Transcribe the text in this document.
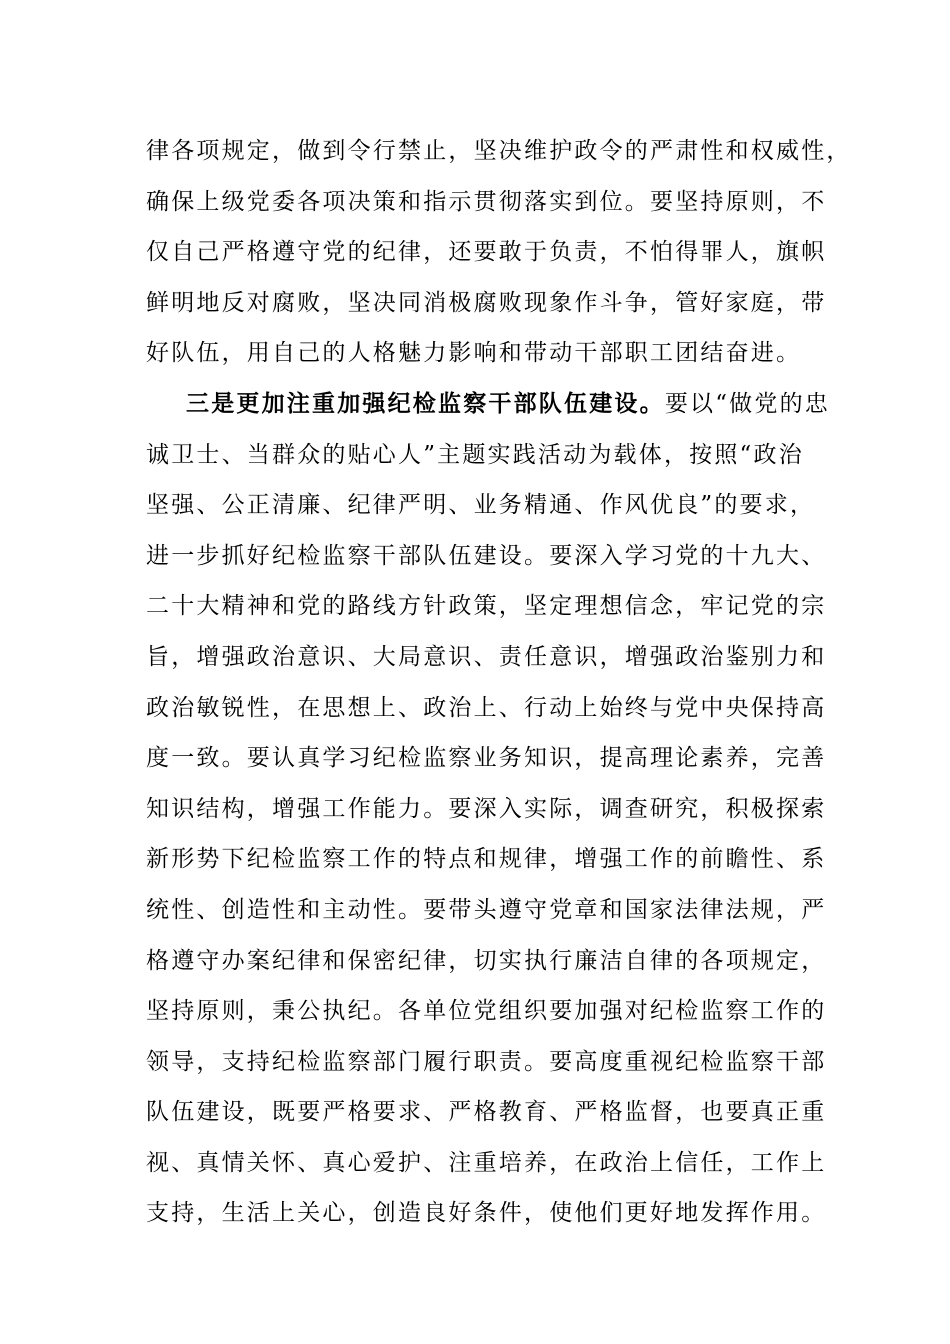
律各项规定，做到令行禁止，坚决维护政令的严肃性和权威性，
确保上级党委各项决策和指示贯彻落实到位。要坚持原则，不
仅自己严格遵守党的纪律，还要敢于负责，不怕得罪人，旗帜
鲜明地反对腐败，坚决同消极腐败现象作斗争，管好家庭，带
好队伍，用自己的人格魅力影响和带动干部职工团结奋进。
三是更加注重加强纪检监察干部队伍建设。要以“做党的忠
诚卫士、当群众的贴心人”主题实践活动为载体，按照“政治
坚强、公正清廉、纪律严明、业务精通、作风优良”的要求，
进一步抓好纪检监察干部队伍建设。要深入学习党的十九大、
二十大精神和党的路线方针政策，坚定理想信念，牢记党的宗
旨，增强政治意识、大局意识、责任意识，增强政治鉴别力和
政治敏锐性，在思想上、政治上、行动上始终与党中央保持高
度一致。要认真学习纪检监察业务知识，提高理论素养，完善
知识结构，增强工作能力。要深入实际，调查研究，积极探索
新形势下纪检监察工作的特点和规律，增强工作的前瞻性、系
统性、创造性和主动性。要带头遵守党章和国家法律法规，严
格遵守办案纪律和保密纪律，切实执行廉洁自律的各项规定，
坚持原则，秉公执纪。各单位党组织要加强对纪检监察工作的
领导，支持纪检监察部门履行职责。要高度重视纪检监察干部
队伍建设，既要严格要求、严格教育、严格监督，也要真正重
视、真情关怀、真心爱护、注重培养，在政治上信任，工作上
支持，生活上关心，创造良好条件，使他们更好地发挥作用。
